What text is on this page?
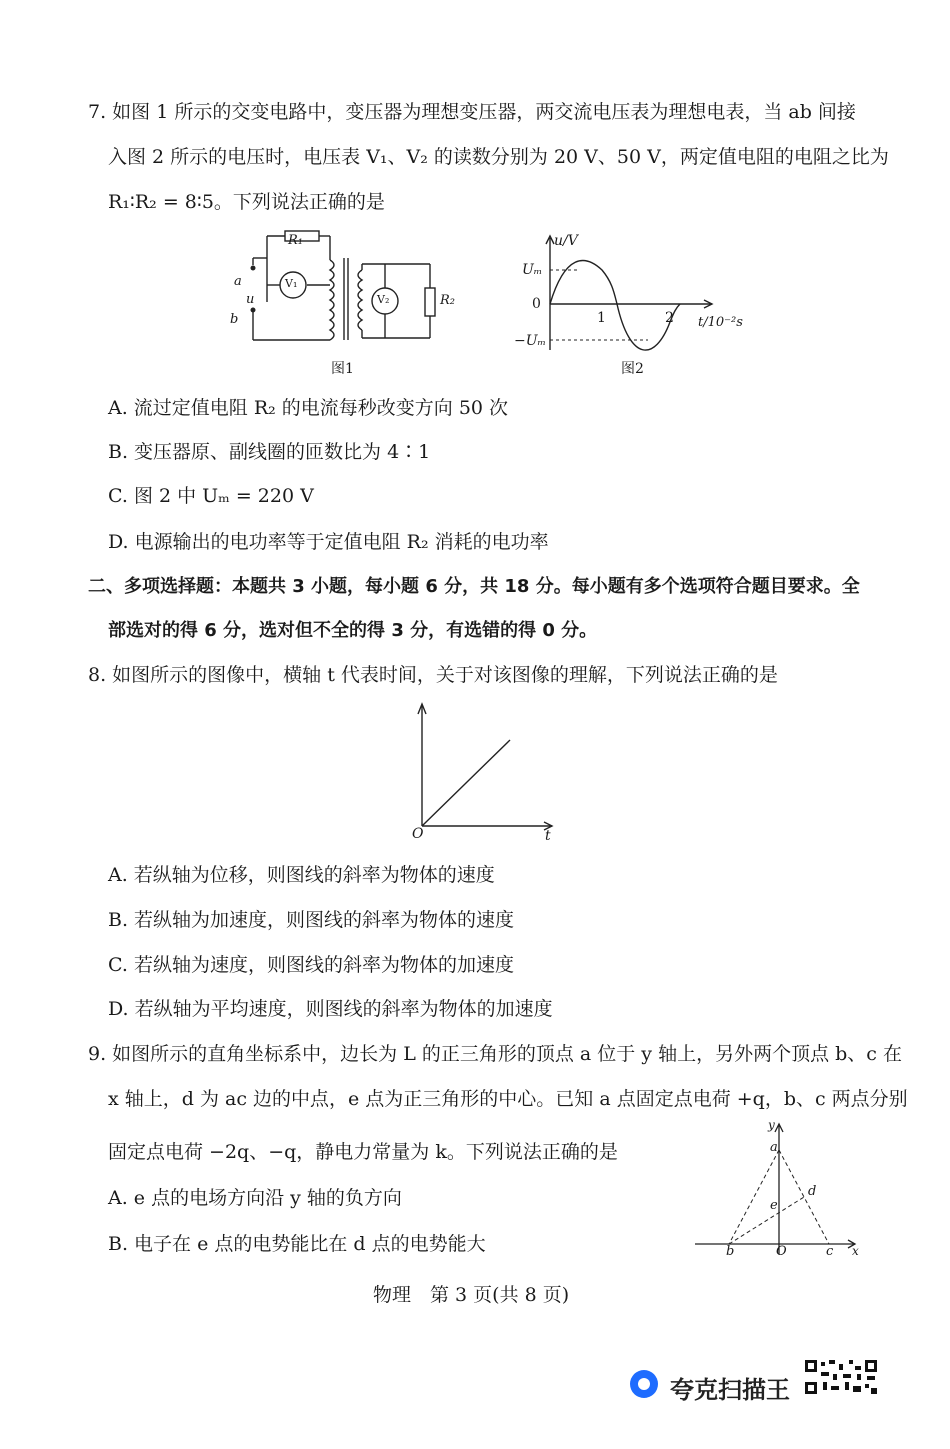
7. 如图 1 所示的交变电路中，变压器为理想变压器，两交流电压表为理想电表，当 ab 间接
入图 2 所示的电压时，电压表 V₁、V₂ 的读数分别为 20 V、50 V，两定值电阻的电阻之比为
R₁∶R₂ = 8∶5。下列说法正确的是
R₁
V₁
V₂	R₂
a
u
b
图1
u/V
Uₘ
0
1	2 t/10⁻²s
−Uₘ
图2
A. 流过定值电阻 R₂ 的电流每秒改变方向 50 次
B. 变压器原、副线圈的匝数比为 4∶1
C. 图 2 中 Uₘ = 220 V
D. 电源输出的电功率等于定值电阻 R₂ 消耗的电功率
二、多项选择题：本题共 3 小题，每小题 6 分，共 18 分。每小题有多个选项符合题目要求。全
部选对的得 6 分，选对但不全的得 3 分，有选错的得 0 分。
8. 如图所示的图像中，横轴 t 代表时间，关于对该图像的理解，下列说法正确的是
O	t
A. 若纵轴为位移，则图线的斜率为物体的速度
B. 若纵轴为加速度，则图线的斜率为物体的速度
C. 若纵轴为速度，则图线的斜率为物体的加速度
D. 若纵轴为平均速度，则图线的斜率为物体的加速度
9. 如图所示的直角坐标系中，边长为 L 的正三角形的顶点 a 位于 y 轴上，另外两个顶点 b、c 在
x 轴上，d 为 ac 边的中点，e 点为正三角形的中心。已知 a 点固定点电荷 +q，b、c 两点分别
固定点电荷 −2q、−q，静电力常量为 k。下列说法正确的是
A. e 点的电场方向沿 y 轴的负方向
B. 电子在 e 点的电势能比在 d 点的电势能大
y
a
d
e
b	O	c x
物理　第 3 页(共 8 页)
夸克扫描王
